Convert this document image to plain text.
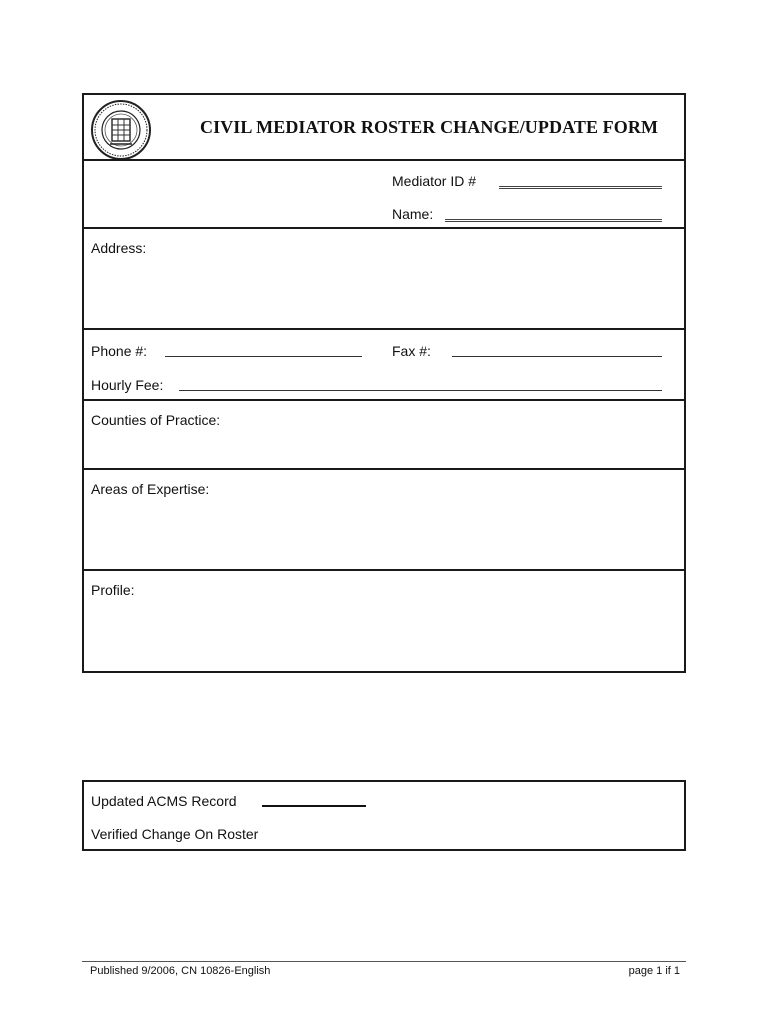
CIVIL MEDIATOR ROSTER CHANGE/UPDATE FORM
Mediator ID #
Name:
Address:
Phone #:	Fax #:
Hourly Fee:
Counties of Practice:
Areas of Expertise:
Profile:
Updated ACMS Record
Verified Change On Roster
Published 9/2006, CN 10826-English	page 1 if 1
